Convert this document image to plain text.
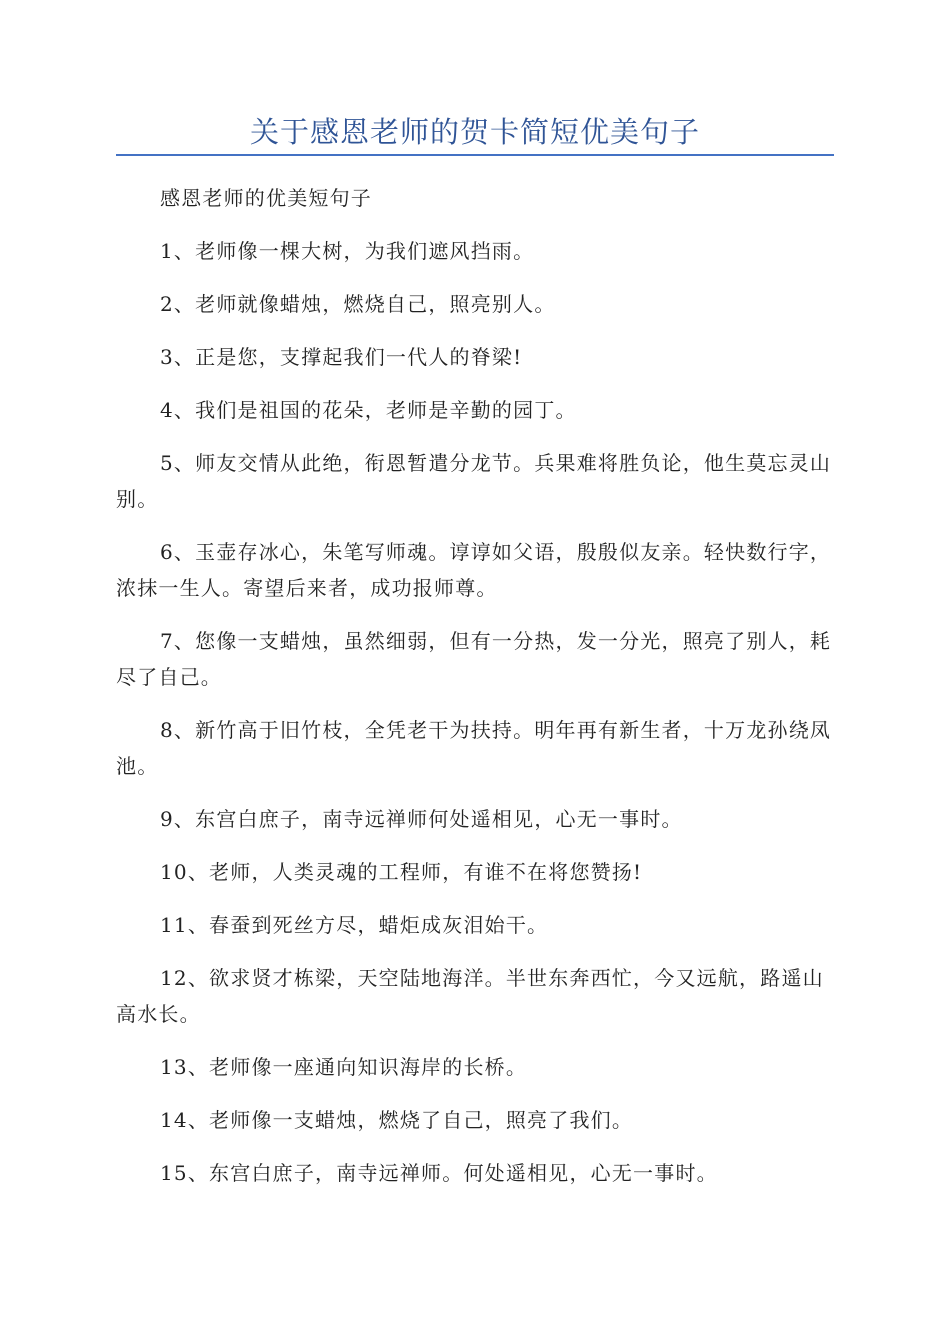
关于感恩老师的贺卡简短优美句子

感恩老师的优美短句子

1、老师像一棵大树，为我们遮风挡雨。

2、老师就像蜡烛，燃烧自己，照亮别人。

3、正是您，支撑起我们一代人的脊梁!

4、我们是祖国的花朵，老师是辛勤的园丁。

5、师友交情从此绝，衔恩暂遣分龙节。兵果难将胜负论，他生莫忘灵山别。

6、玉壶存冰心，朱笔写师魂。谆谆如父语，殷殷似友亲。轻快数行字，浓抹一生人。寄望后来者，成功报师尊。

7、您像一支蜡烛，虽然细弱，但有一分热，发一分光，照亮了别人，耗尽了自己。

8、新竹高于旧竹枝，全凭老干为扶持。明年再有新生者，十万龙孙绕凤池。

9、东宫白庶子，南寺远禅师何处遥相见，心无一事时。

10、老师，人类灵魂的工程师，有谁不在将您赞扬!

11、春蚕到死丝方尽，蜡炬成灰泪始干。

12、欲求贤才栋梁，天空陆地海洋。半世东奔西忙，今又远航，路遥山高水长。

13、老师像一座通向知识海岸的长桥。

14、老师像一支蜡烛，燃烧了自己，照亮了我们。

15、东宫白庶子，南寺远禅师。何处遥相见，心无一事时。
